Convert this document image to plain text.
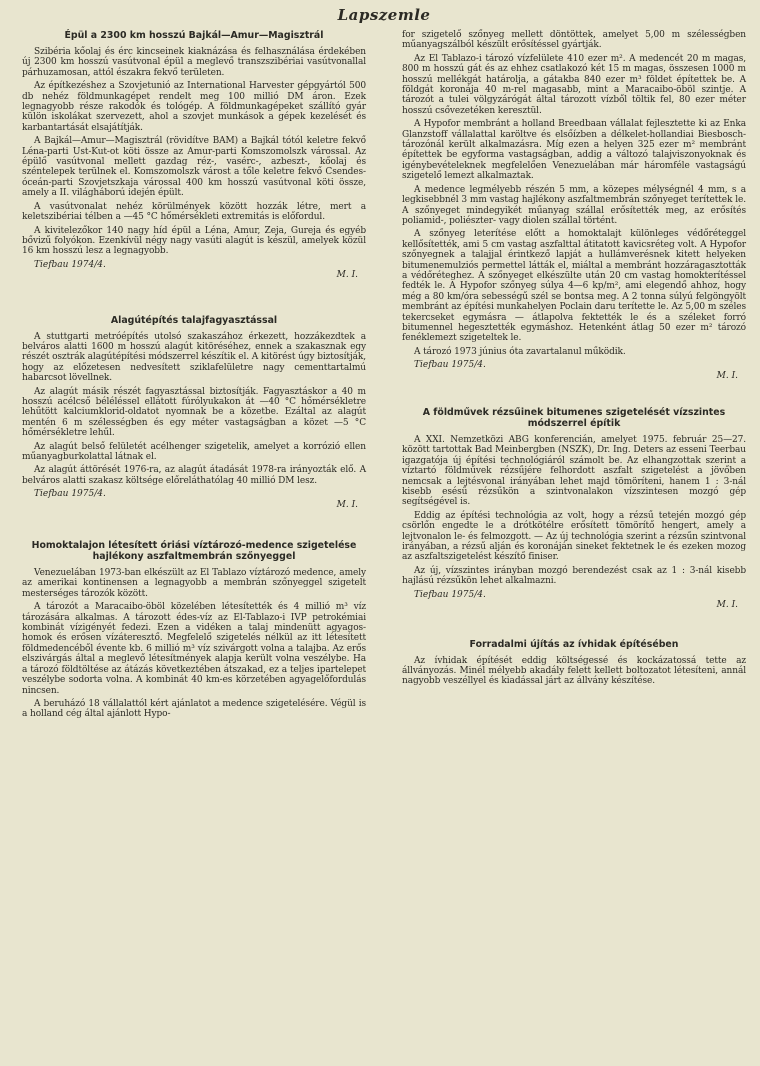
Lapszemle
Épül a 2300 km hosszú Bajkál—Amur—Magisztrál

Szibéria kőolaj és érc kincseinek kiaknázása és felhasználása érdekében új 2300 km hosszú vasútvonal épül a meglevő transzszibériai vasútvonallal párhuzamosan, attól északra fekvő területen.

Az építkezéshez a Szovjetunió az International Harvester gépgyártól 500 db nehéz földmunkagépet rendelt meg 100 millió DM áron. Ezek legnagyobb része rakodók és tológép. A földmunkagépeket szállító gyár külön iskolákat szervezett, ahol a szovjet munkások a gépek kezelését és karbantartását elsajátítják.

A Bajkál—Amur—Magisztrál (rövidítve BAM) a Bajkál tótól keletre fekvő Léna-parti Ust-Kut-ot köti össze az Amur-parti Komszomolszk várossal. Az épülő vasútvonal mellett gazdag réz-, vasérc-, azbeszt-, kőolaj és széntelepek terülnek el. Komszomolszk várost a tőle keletre fekvő Csendes-óceán-parti Szovjetszkaja várossal 400 km hosszú vasútvonal köti össze, amely a II. világháború idején épült.

A vasútvonalat nehéz körülmények között hozzák létre, mert a keletszibériai télben a —45 °C hőmérsékleti extremitás is előfordul.

A kivitelezőkor 140 nagy híd épül a Léna, Amur, Zeja, Gureja és egyéb bővizű folyókon. Ezenkívül négy nagy vasúti alagút is készül, amelyek közül 16 km hosszú lesz a legnagyobb.

Tiefbau 1974/4.
M. I.
Alagútépítés talajfagyasztással

A stuttgarti metróépítés utolsó szakaszához érkezett, hozzákezdtek a belváros alatti 1600 m hosszú alagút kitöréséhez, ennek a szakasznak egy részét osztrák alagútépítési módszerrel készítik el. A kitörést úgy biztosítják, hogy az előzetesen nedvesített sziklafelületre nagy cementtartalmú habarcsot lövellnek.

Az alagút másik részét fagyasztással biztosítják. Fagyasztáskor a 40 m hosszú acélcső béléléssel ellátott fúrólyukakon át —40 °C hőmérsékletre lehűtött kalciumklorid-oldatot nyomnak be a közetbe. Ezáltal az alagút mentén 6 m szélességben és egy méter vastagságban a közet —5 °C hőmérsékletre lehűl.

Az alagút belső felületét acélhenger szigetelik, amelyet a korrózió ellen műanyagburkolattal látnak el.

Az alagút áttörését 1976-ra, az alagút átadását 1978-ra irányozták elő. A belváros alatti szakasz költsége előreláthatólag 40 millió DM lesz.

Tiefbau 1975/4.
M. I.
Homoktalajon létesített óriási víztározó-medence szigetelése hajlékony aszfaltmembrán szőnyeggel

Venezuelában 1973-ban elkészült az El Tablazo víztározó medence, amely az amerikai kontinensen a legnagyobb a membrán szőnyeggel szigetelt mesterséges tározók között.

A tározót a Maracaibo-öböl közelében létesítették és 4 millió m³ víz tározására alkalmas. A tározott édes-víz az El-Tablazo-i IVP petrokémiai kombinát vízigényét fedezi. Ezen a vidéken a talaj mindenütt agyagos-homok és erősen vízáteresztő. Megfelelő szigetelés nélkül az itt létesített földmedencéből évente kb. 6 millió m³ víz szivárgott volna a talajba. Az erős elszivárgás által a meglevő létesítmények alapja került volna veszélybe. Ha a tározó földtöltése az átázás következtében átszakad, ez a teljes ipartelepet veszélybe sodorta volna. A kombinát 40 km-es körzetében agyagelőfordulás nincsen.

A beruházó 18 vállalattól kért ajánlatot a medence szigetelésére. Végül is a holland cég által ajánlott Hypo-

for szigetelő szőnyeg mellett döntöttek, amelyet 5,00 m szélességben műanyagszálból készült erősítéssel gyártják.

Az El Tablazo-i tározó vízfelülete 410 ezer m². A medencét 20 m magas, 800 m hosszú gát és az ehhez csatlakozó két 15 m magas, összesen 1000 m hosszú mellékgát határolja, a gátakba 840 ezer m³ földet építettek be. A földgát koronája 40 m-rel magasabb, mint a Maracaibo-öböl szintje. A tározót a tulei völgyzárógát által tározott vízből töltik fel, 80 ezer méter hosszú csővezetéken keresztül.

A Hypofor membránt a holland Breedbaan vállalat fejlesztette ki az Enka Glanzstoff vállalattal karöltve és elsőízben a délkelet-hollandiai Biesbosch-tározónál került alkalmazásra. Míg ezen a helyen 325 ezer m² membránt építettek be egyforma vastagságban, addig a változó talajviszonyoknak és igénybevételeknek megfelelően Venezuelában már háromféle vastagságú szigetelő lemezt alkalmaztak.

A medence legmélyebb részén 5 mm, a közepes mélységnél 4 mm, s a legkisebbnél 3 mm vastag hajlékony aszfaltmembrán szőnyeget terítettek le. A szőnyeget mindegyikét műanyag szállal erősítették meg, az erősítés poliamid-, poliészter- vagy diolen szállal történt.

A szőnyeg leterítése előtt a homoktalajt különleges védőréteggel kellősítették, ami 5 cm vastag aszfalttal átitatott kavicsréteg volt. A Hypofor szőnyegnek a talajjal érintkező lapját a hullámverésnek kitett helyeken bitumenemulziós permettel látták el, miáltal a membránt hozzáragasztották a védőréteghez. A szőnyeget elkészülte után 20 cm vastag homokterítéssel fedték le. A Hypofor szőnyeg súlya 4—6 kp/m², ami elegendő ahhoz, hogy még a 80 km/óra sebességű szél se bontsa meg. A 2 tonna súlyú felgöngyölt membránt az építési munkahelyen Poclain daru terítette le. Az 5,00 m széles tekercseket egymásra — átlapolva fektették le és a széleket forró bitumennel hegesztették egymáshoz. Hetenként átlag 50 ezer m² tározó fenéklemezt szigeteltek le.

A tározó 1973 június óta zavartalanul működik.

Tiefbau 1975/4.
M. I.
A földművek rézsűinek bitumenes szigetelését vízszintes módszerrel építik

A XXI. Nemzetközi ABG konferencián, amelyet 1975. február 25—27. között tartottak Bad Meinbergben (NSZK), Dr. Ing. Deters az esseni Teerbau igazgatója új építési technológiáról számolt be. Az elhangzottak szerint a víztartó földművek rézsűjére felhordott aszfalt szigetelést a jövőben nemcsak a lejtésvonal irányában lehet majd tömöríteni, hanem 1 : 3-nál kisebb esésű rézsűkön a szintvonalakon vízszintesen mozgó gép segítségével is.

Eddig az építési technológia az volt, hogy a rézsű tetején mozgó gép csörlőn engedte le a drótkötélre erősített tömörítő hengert, amely a lejtvonalon le- és felmozgott. — Az új technológia szerint a rézsűn szintvonal irányában, a rézsű alján és koronáján sineket fektetnek le és ezeken mozog az aszfaltszigetelést készítő finiser.

Az új, vízszintes irányban mozgó berendezést csak az 1 : 3-nál kisebb hajlású rézsűkön lehet alkalmazni.

Tiefbau 1975/4.
M. I.
Forradalmi újítás az ívhidak építésében

Az ívhidak építését eddig költségessé és kockázatossá tette az állványozás. Minél mélyebb akadály felett kellett boltozatot létesíteni, annál nagyobb veszéllyel és kiadással járt az állvány készítése.
